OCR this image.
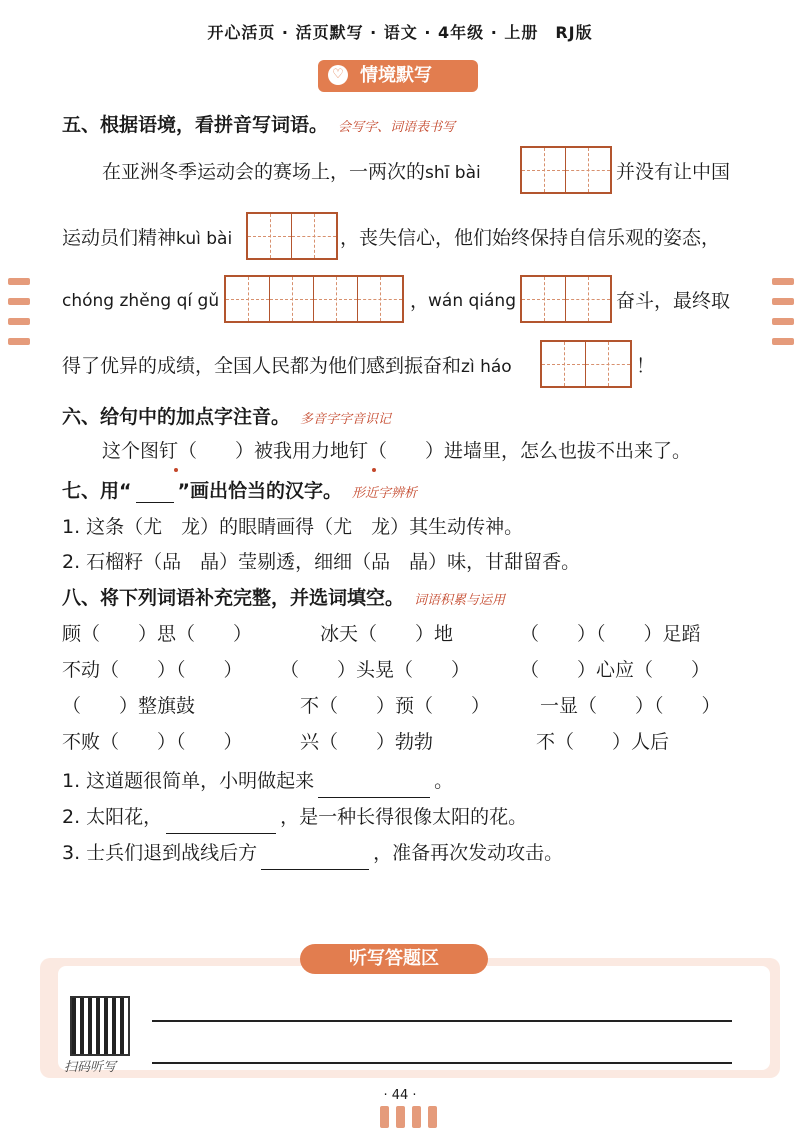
开心活页 · 活页默写 · 语文 · 4年级 · 上册　RJ版
♡ 情境默写
五、根据语境，看拼音写词语。 会写字、词语表书写
在亚洲冬季运动会的赛场上，一两次的shī bài	并没有让中国
运动员们精神kuì bài	，丧失信心，他们始终保持自信乐观的姿态，
chóng zhěng qí gǔ	，
wán qiáng	奋斗，最终取
得了优异的成绩，全国人民都为他们感到振奋和zì háo	！
六、给句中的加点字注音。 多音字字音识记
这个图钉（　　）被我用力地钉（　　）进墙里，怎么也拔不出来了。
七、用“ ”画出恰当的汉字。 形近字辨析
1. 这条（尤　龙）的眼睛画得（尤　龙）其生动传神。
2. 石榴籽（品　晶）莹剔透，细细（品　晶）味，甘甜留香。
八、将下列词语补充完整，并选词填空。 词语积累与运用
顾（　　）思（　　）	冰天（　　）地	（　　）（　　）足蹈
不动（　　）（　　） （　　）头晃（　　）	（　　）心应（　　）
（　　）整旗鼓	不（　　）预（　　）	一显（　　）（　　）
不败（　　）（　　）	兴（　　）勃勃	不（　　）人后
1. 这道题很简单，小明做起来	。
2. 太阳花，	，是一种长得很像太阳的花。
3. 士兵们退到战线后方	，准备再次发动攻击。
听写答题区
扫码听写
· 44 ·
